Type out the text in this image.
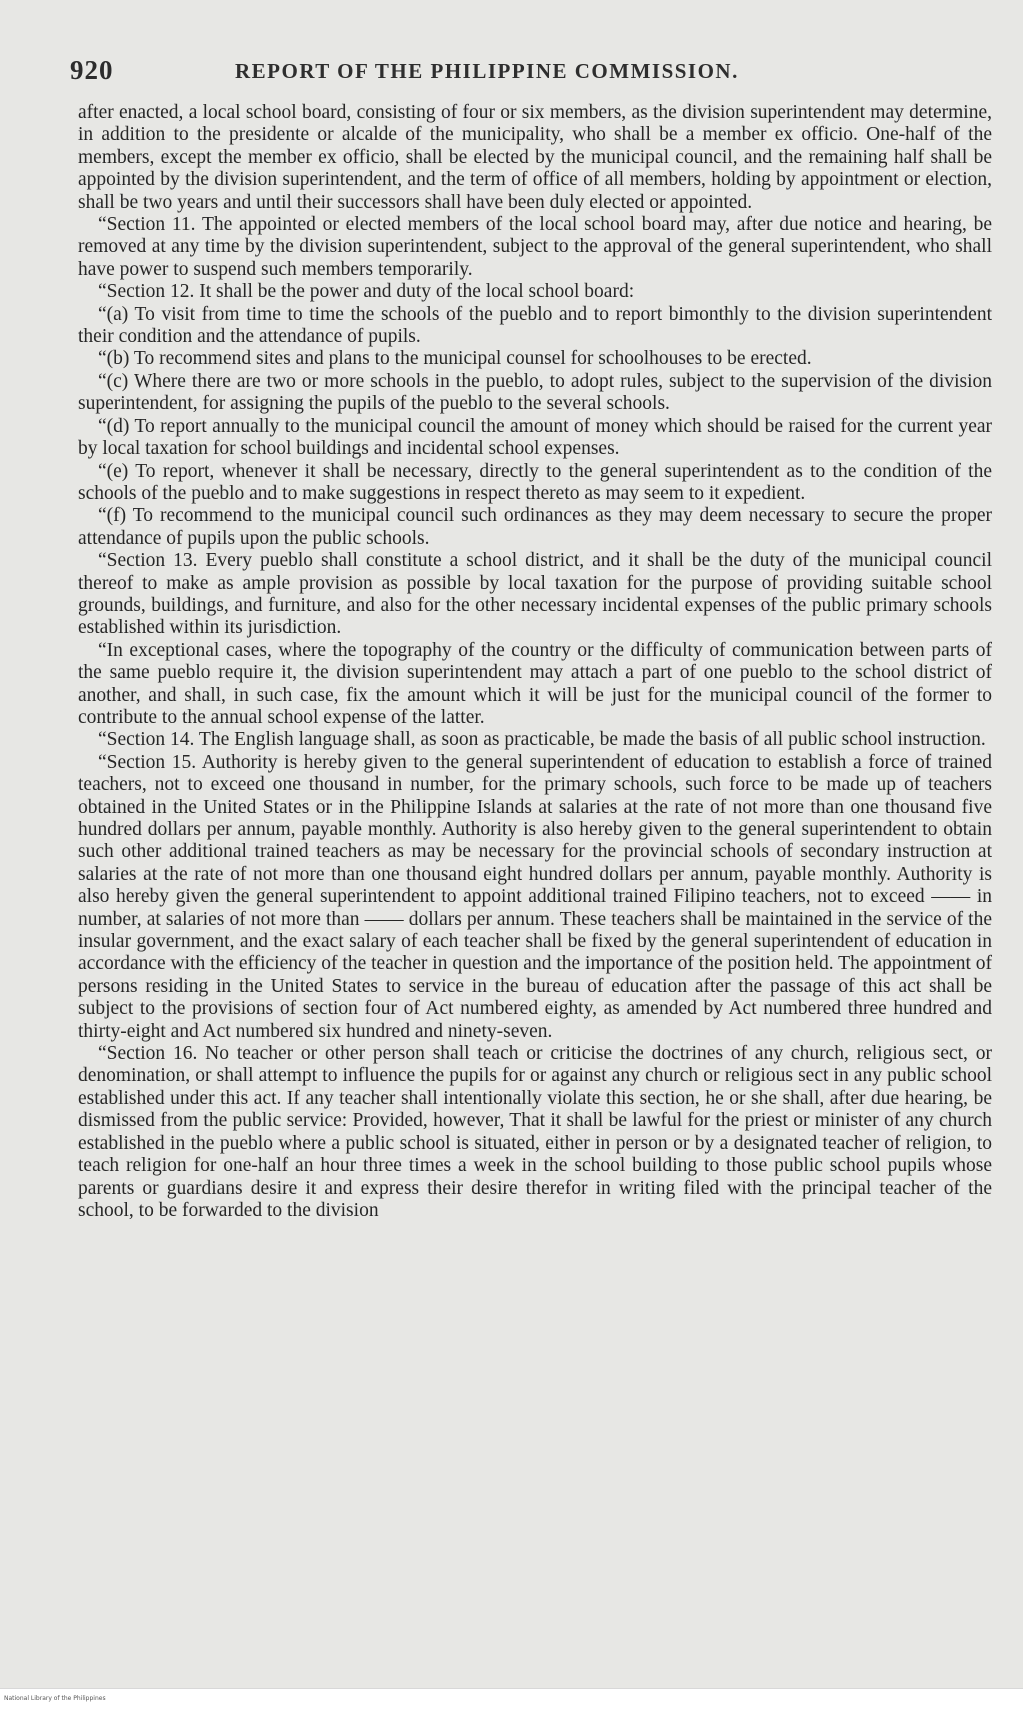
920	REPORT OF THE PHILIPPINE COMMISSION.

after enacted, a local school board, consisting of four or six members, as the division superintendent may determine, in addition to the presidente or alcalde of the municipality, who shall be a member ex officio. One-half of the members, except the member ex officio, shall be elected by the municipal council, and the remaining half shall be appointed by the division superintendent, and the term of office of all members, holding by appointment or election, shall be two years and until their successors shall have been duly elected or appointed.

“Section 11. The appointed or elected members of the local school board may, after due notice and hearing, be removed at any time by the division superintendent, subject to the approval of the general superintendent, who shall have power to suspend such members temporarily.

“Section 12. It shall be the power and duty of the local school board:

“(a) To visit from time to time the schools of the pueblo and to report bimonthly to the division superintendent their condition and the attendance of pupils.

“(b) To recommend sites and plans to the municipal counsel for schoolhouses to be erected.

“(c) Where there are two or more schools in the pueblo, to adopt rules, subject to the supervision of the division superintendent, for assigning the pupils of the pueblo to the several schools.

“(d) To report annually to the municipal council the amount of money which should be raised for the current year by local taxation for school buildings and incidental school expenses.

“(e) To report, whenever it shall be necessary, directly to the general superintendent as to the condition of the schools of the pueblo and to make suggestions in respect thereto as may seem to it expedient.

“(f) To recommend to the municipal council such ordinances as they may deem necessary to secure the proper attendance of pupils upon the public schools.

“Section 13. Every pueblo shall constitute a school district, and it shall be the duty of the municipal council thereof to make as ample provision as possible by local taxation for the purpose of providing suitable school grounds, buildings, and furniture, and also for the other necessary incidental expenses of the public primary schools established within its jurisdiction.

“In exceptional cases, where the topography of the country or the difficulty of communication between parts of the same pueblo require it, the division superintendent may attach a part of one pueblo to the school district of another, and shall, in such case, fix the amount which it will be just for the municipal council of the former to contribute to the annual school expense of the latter.

“Section 14. The English language shall, as soon as practicable, be made the basis of all public school instruction.

“Section 15. Authority is hereby given to the general superintendent of education to establish a force of trained teachers, not to exceed one thousand in number, for the primary schools, such force to be made up of teachers obtained in the United States or in the Philippine Islands at salaries at the rate of not more than one thousand five hundred dollars per annum, payable monthly. Authority is also hereby given to the general superintendent to obtain such other additional trained teachers as may be necessary for the provincial schools of secondary instruction at salaries at the rate of not more than one thousand eight hundred dollars per annum, payable monthly. Authority is also hereby given the general superintendent to appoint additional trained Filipino teachers, not to exceed —— in number, at salaries of not more than —— dollars per annum. These teachers shall be maintained in the service of the insular government, and the exact salary of each teacher shall be fixed by the general superintendent of education in accordance with the efficiency of the teacher in question and the importance of the position held. The appointment of persons residing in the United States to service in the bureau of education after the passage of this act shall be subject to the provisions of section four of Act numbered eighty, as amended by Act numbered three hundred and thirty-eight and Act numbered six hundred and ninety-seven.

“Section 16. No teacher or other person shall teach or criticise the doctrines of any church, religious sect, or denomination, or shall attempt to influence the pupils for or against any church or religious sect in any public school established under this act. If any teacher shall intentionally violate this section, he or she shall, after due hearing, be dismissed from the public service: Provided, however, That it shall be lawful for the priest or minister of any church established in the pueblo where a public school is situated, either in person or by a designated teacher of religion, to teach religion for one-half an hour three times a week in the school building to those public school pupils whose parents or guardians desire it and express their desire therefor in writing filed with the principal teacher of the school, to be forwarded to the division

National Library of the Philippines
